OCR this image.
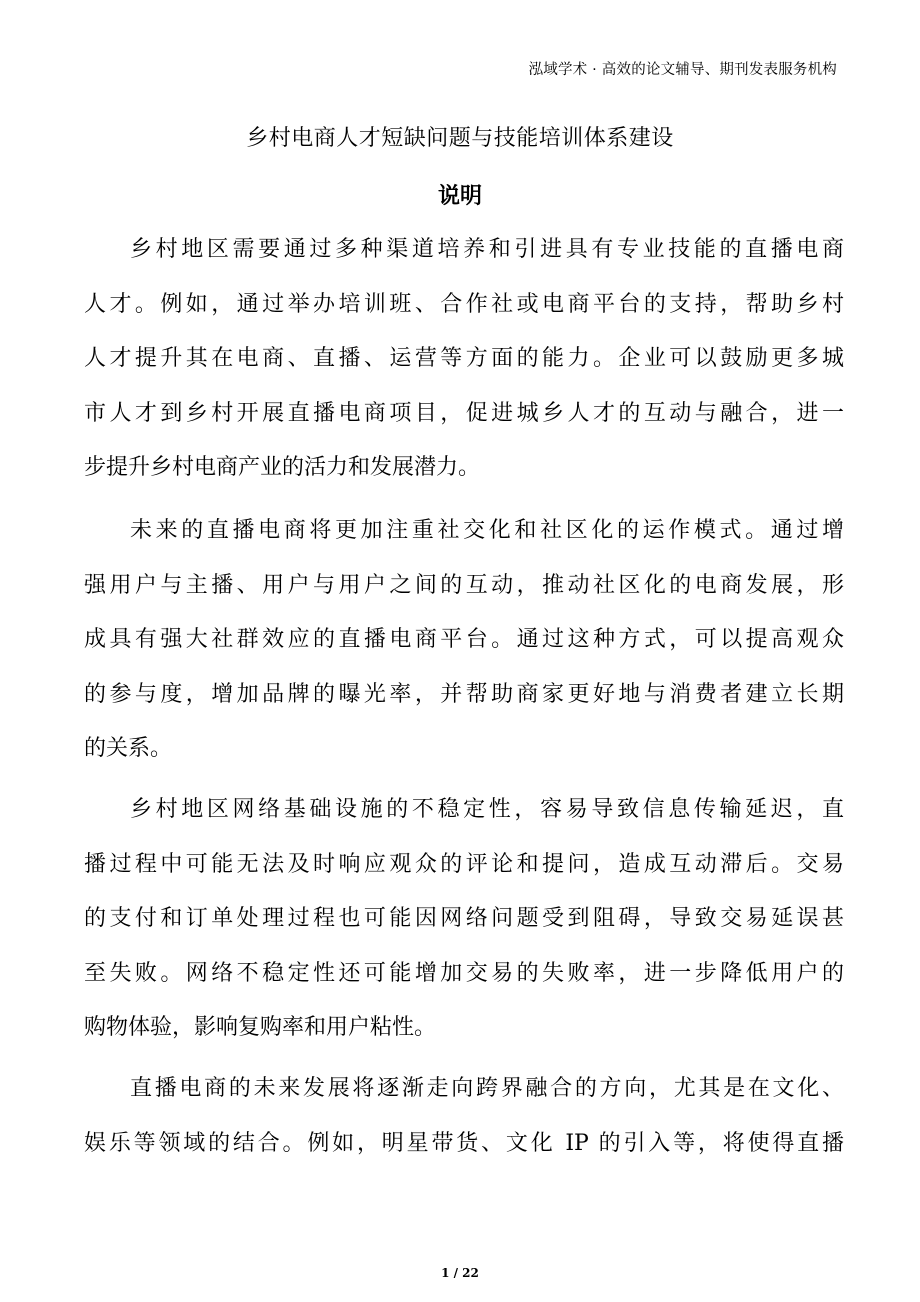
泓域学术 · 高效的论文辅导、期刊发表服务机构
乡村电商人才短缺问题与技能培训体系建设
说明
乡村地区需要通过多种渠道培养和引进具有专业技能的直播电商
人才。例如，通过举办培训班、合作社或电商平台的支持，帮助乡村
人才提升其在电商、直播、运营等方面的能力。企业可以鼓励更多城
市人才到乡村开展直播电商项目，促进城乡人才的互动与融合，进一
步提升乡村电商产业的活力和发展潜力。
未来的直播电商将更加注重社交化和社区化的运作模式。通过增
强用户与主播、用户与用户之间的互动，推动社区化的电商发展，形
成具有强大社群效应的直播电商平台。通过这种方式，可以提高观众
的参与度，增加品牌的曝光率，并帮助商家更好地与消费者建立长期
的关系。
乡村地区网络基础设施的不稳定性，容易导致信息传输延迟，直
播过程中可能无法及时响应观众的评论和提问，造成互动滞后。交易
的支付和订单处理过程也可能因网络问题受到阻碍，导致交易延误甚
至失败。网络不稳定性还可能增加交易的失败率，进一步降低用户的
购物体验，影响复购率和用户粘性。
直播电商的未来发展将逐渐走向跨界融合的方向，尤其是在文化、
娱乐等领域的结合。例如，明星带货、文化 IP 的引入等，将使得直播
1 / 22
